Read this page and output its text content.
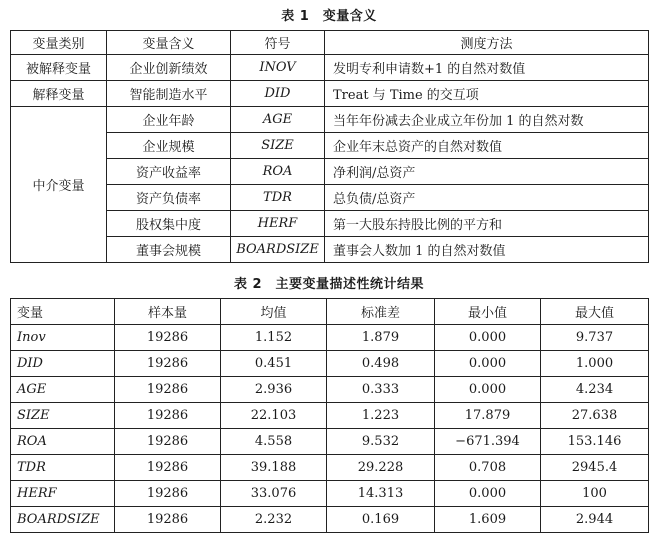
表 1　变量含义
变量类别	变量含义	符号	测度方法
被解释变量	企业创新绩效	INOV	发明专利申请数+1 的自然对数值
解释变量	智能制造水平	DID	Treat 与 Time 的交互项
中介变量	企业年龄	AGE	当年年份减去企业成立年份加 1 的自然对数
	企业规模	SIZE	企业年末总资产的自然对数值
	资产收益率	ROA	净利润/总资产
	资产负债率	TDR	总负债/总资产
	股权集中度	HERF	第一大股东持股比例的平方和
	董事会规模	BOARDSIZE	董事会人数加 1 的自然对数值
表 2　主要变量描述性统计结果
变量	样本量	均值	标准差	最小值	最大值
Inov	19286	1.152	1.879	0.000	9.737
DID	19286	0.451	0.498	0.000	1.000
AGE	19286	2.936	0.333	0.000	4.234
SIZE	19286	22.103	1.223	17.879	27.638
ROA	19286	4.558	9.532	−671.394	153.146
TDR	19286	39.188	29.228	0.708	2945.4
HERF	19286	33.076	14.313	0.000	100
BOARDSIZE	19286	2.232	0.169	1.609	2.944
